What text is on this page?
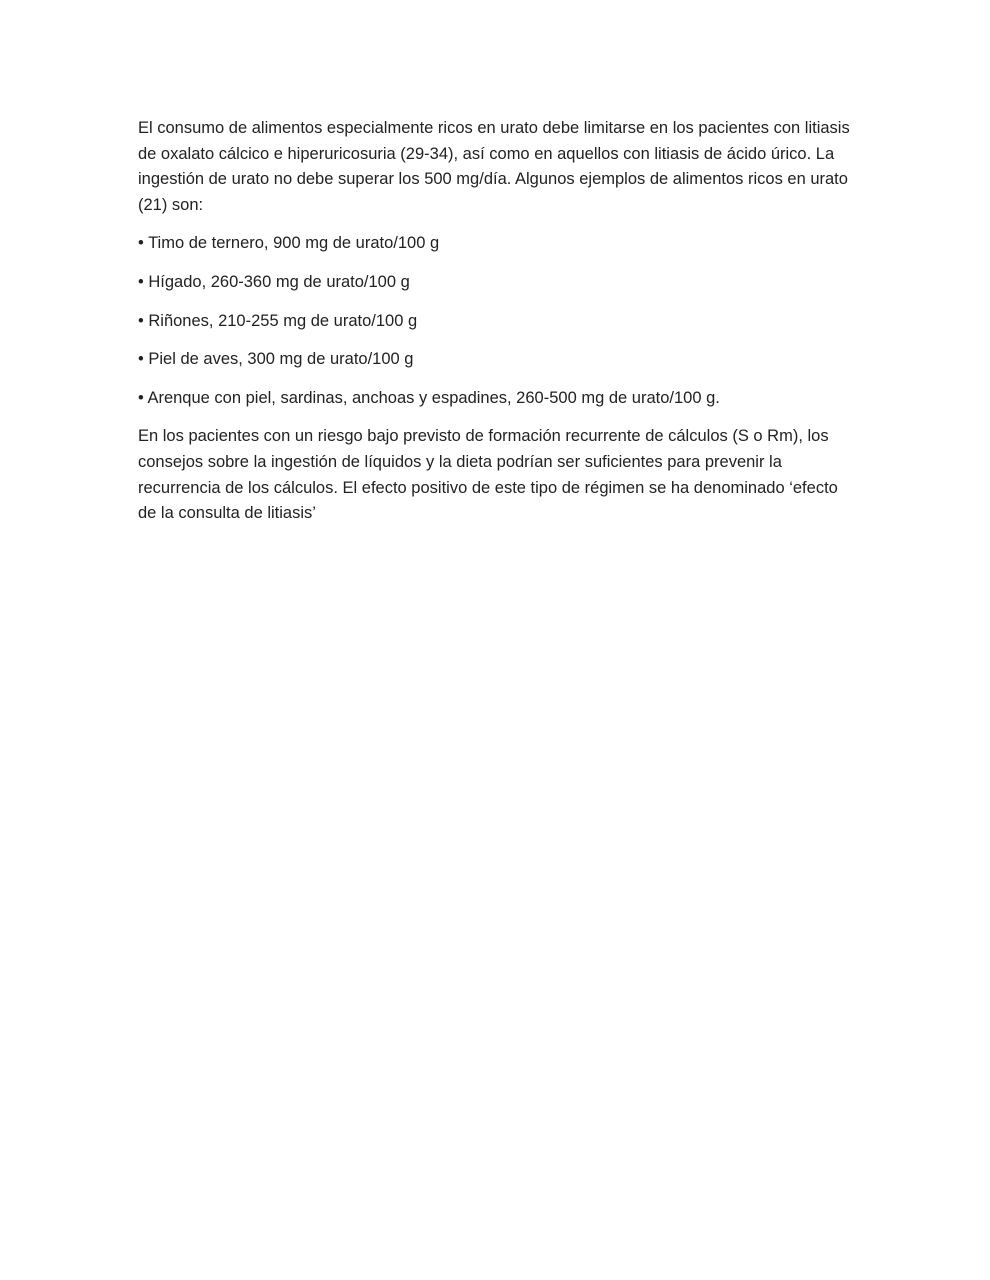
El consumo de alimentos especialmente ricos en urato debe limitarse en los pacientes con litiasis de oxalato cálcico e hiperuricosuria (29-34), así como en aquellos con litiasis de ácido úrico. La ingestión de urato no debe superar los 500 mg/día. Algunos ejemplos de alimentos ricos en urato (21) son:

• Timo de ternero, 900 mg de urato/100 g
• Hígado, 260-360 mg de urato/100 g
• Riñones, 210-255 mg de urato/100 g
• Piel de aves, 300 mg de urato/100 g
• Arenque con piel, sardinas, anchoas y espadines, 260-500 mg de urato/100 g.

En los pacientes con un riesgo bajo previsto de formación recurrente de cálculos (S o Rm), los consejos sobre la ingestión de líquidos y la dieta podrían ser suficientes para prevenir la recurrencia de los cálculos. El efecto positivo de este tipo de régimen se ha denominado ‘efecto de la consulta de litiasis’
